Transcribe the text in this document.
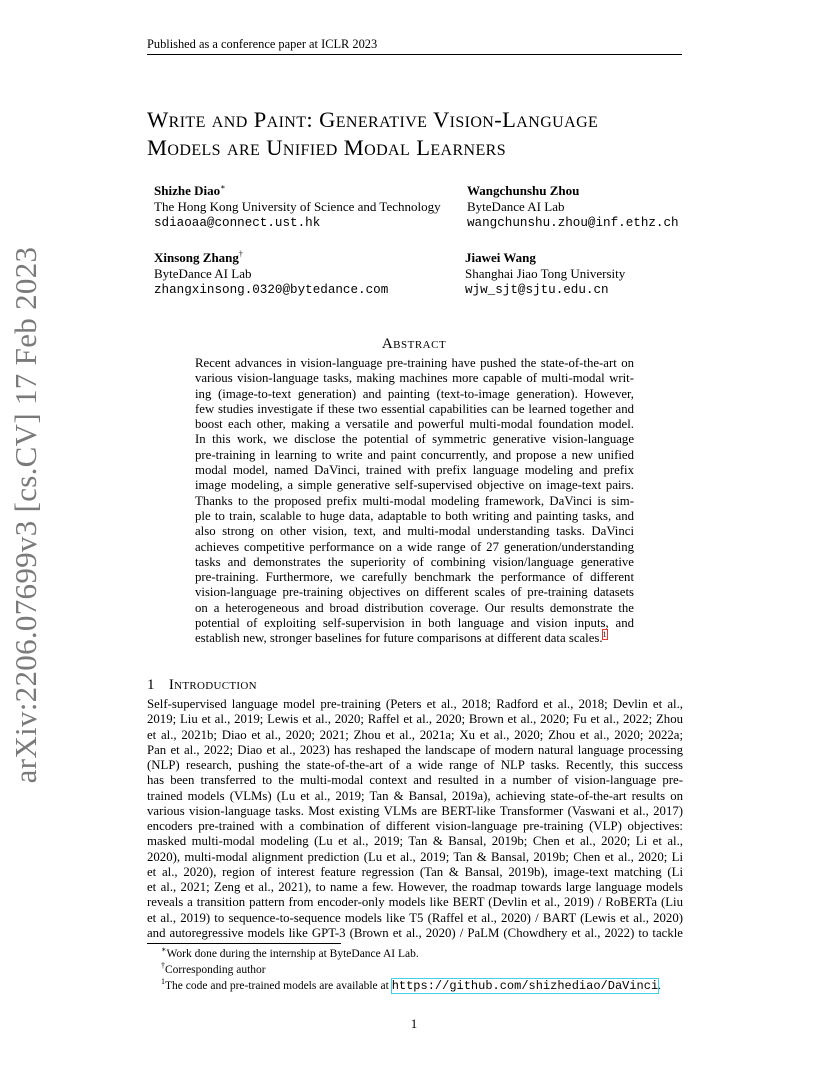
Published as a conference paper at ICLR 2023
arXiv:2206.07699v3 [cs.CV] 17 Feb 2023
Write and Paint: Generative Vision-Language
Models are Unified Modal Learners
Shizhe Diao∗
The Hong Kong University of Science and Technology
sdiaoaa@connect.ust.hk
Wangchunshu Zhou
ByteDance AI Lab
wangchunshu.zhou@inf.ethz.ch
Xinsong Zhang†
ByteDance AI Lab
zhangxinsong.0320@bytedance.com
Jiawei Wang
Shanghai Jiao Tong University
wjw_sjt@sjtu.edu.cn
Abstract
Recent advances in vision-language pre-training have pushed the state-of-the-art on
various vision-language tasks, making machines more capable of multi-modal writ-
ing (image-to-text generation) and painting (text-to-image generation). However,
few studies investigate if these two essential capabilities can be learned together and
boost each other, making a versatile and powerful multi-modal foundation model.
In this work, we disclose the potential of symmetric generative vision-language
pre-training in learning to write and paint concurrently, and propose a new unified
modal model, named DaVinci, trained with prefix language modeling and prefix
image modeling, a simple generative self-supervised objective on image-text pairs.
Thanks to the proposed prefix multi-modal modeling framework, DaVinci is sim-
ple to train, scalable to huge data, adaptable to both writing and painting tasks, and
also strong on other vision, text, and multi-modal understanding tasks. DaVinci
achieves competitive performance on a wide range of 27 generation/understanding
tasks and demonstrates the superiority of combining vision/language generative
pre-training. Furthermore, we carefully benchmark the performance of different
vision-language pre-training objectives on different scales of pre-training datasets
on a heterogeneous and broad distribution coverage. Our results demonstrate the
potential of exploiting self-supervision in both language and vision inputs, and
establish new, stronger baselines for future comparisons at different data scales.$^1$
1 Introduction
Self-supervised language model pre-training (Peters et al., 2018; Radford et al., 2018; Devlin et al.,
2019; Liu et al., 2019; Lewis et al., 2020; Raffel et al., 2020; Brown et al., 2020; Fu et al., 2022; Zhou
et al., 2021b; Diao et al., 2020; 2021; Zhou et al., 2021a; Xu et al., 2020; Zhou et al., 2020; 2022a;
Pan et al., 2022; Diao et al., 2023) has reshaped the landscape of modern natural language processing
(NLP) research, pushing the state-of-the-art of a wide range of NLP tasks. Recently, this success
has been transferred to the multi-modal context and resulted in a number of vision-language pre-
trained models (VLMs) (Lu et al., 2019; Tan & Bansal, 2019a), achieving state-of-the-art results on
various vision-language tasks. Most existing VLMs are BERT-like Transformer (Vaswani et al., 2017)
encoders pre-trained with a combination of different vision-language pre-training (VLP) objectives:
masked multi-modal modeling (Lu et al., 2019; Tan & Bansal, 2019b; Chen et al., 2020; Li et al.,
2020), multi-modal alignment prediction (Lu et al., 2019; Tan & Bansal, 2019b; Chen et al., 2020; Li
et al., 2020), region of interest feature regression (Tan & Bansal, 2019b), image-text matching (Li
et al., 2021; Zeng et al., 2021), to name a few. However, the roadmap towards large language models
reveals a transition pattern from encoder-only models like BERT (Devlin et al., 2019) / RoBERTa (Liu
et al., 2019) to sequence-to-sequence models like T5 (Raffel et al., 2020) / BART (Lewis et al., 2020)
and autoregressive models like GPT-3 (Brown et al., 2020) / PaLM (Chowdhery et al., 2022) to tackle
∗Work done during the internship at ByteDance AI Lab.
†Corresponding author
$^1$The code and pre-trained models are available at https://github.com/shizhediao/DaVinci.
1
